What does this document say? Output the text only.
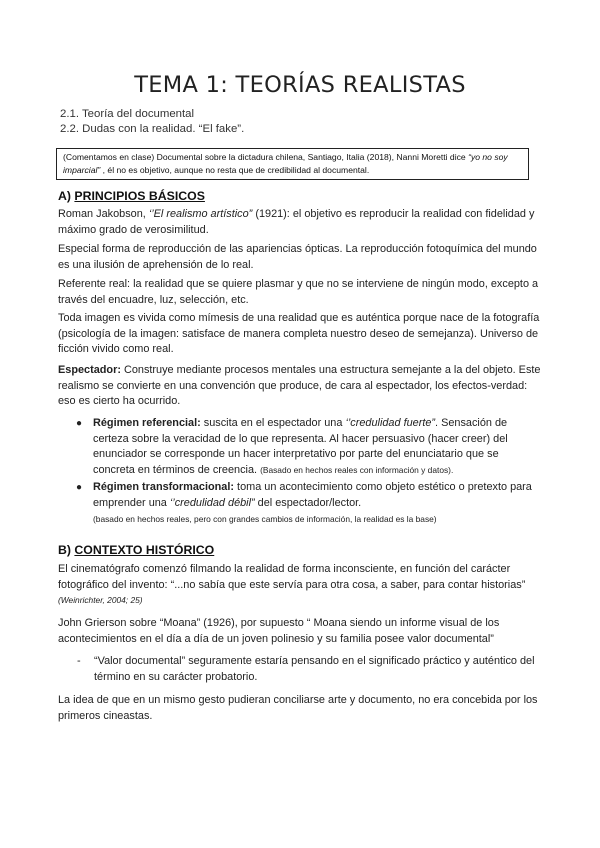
TEMA 1: TEORÍAS REALISTAS
2.1. Teoría del documental
2.2. Dudas con la realidad. “El fake”.
(Comentamos en clase) Documental sobre la dictadura chilena, Santiago, Italia (2018), Nanni Moretti dice “yo no soy imparcial” , él no es objetivo, aunque no resta que de credibilidad al documental.
A) PRINCIPIOS BÁSICOS

Roman Jakobson, ‘’El realismo artístico” (1921): el objetivo es reproducir la realidad con fidelidad y máximo grado de verosimilitud.

Especial forma de reproducción de las apariencias ópticas. La reproducción fotoquímica del mundo es una ilusión de aprehensión de lo real.

Referente real: la realidad que se quiere plasmar y que no se interviene de ningún modo, excepto a través del encuadre, luz, selección, etc.

Toda imagen es vivida como mímesis de una realidad que es auténtica porque nace de la fotografía (psicología de la imagen: satisface de manera completa nuestro deseo de semejanza). Universo de ficción vivido como real.

Espectador: Construye mediante procesos mentales una estructura semejante a la del objeto. Este realismo se convierte en una convención que produce, de cara al espectador, los efectos-verdad: eso es cierto ha ocurrido.

● Régimen referencial: suscita en el espectador una ‘’credulidad fuerte”. Sensación de certeza sobre la veracidad de lo que representa. Al hacer persuasivo (hacer creer) del enunciador se corresponde un hacer interpretativo por parte del enunciatario que se concreta en términos de creencia. (Basado en hechos reales con información y datos).
● Régimen transformacional: toma un acontecimiento como objeto estético o pretexto para emprender una ‘’credulidad débil” del espectador/lector.
(basado en hechos reales, pero con grandes cambios de información, la realidad es la base)
B) CONTEXTO HISTÓRICO

El cinematógrafo comenzó filmando la realidad de forma inconsciente, en función del carácter fotográfico del invento: “...no sabía que este servía para otra cosa, a saber, para contar historias” (Weinrichter, 2004; 25)

John Grierson sobre “Moana” (1926), por supuesto “ Moana siendo un informe visual de los acontecimientos en el día a día de un joven polinesio y su familia posee valor documental”

- “Valor documental” seguramente estaría pensando en el significado práctico y auténtico del término en su carácter probatorio.

La idea de que en un mismo gesto pudieran conciliarse arte y documento, no era concebida por los primeros cineastas.
